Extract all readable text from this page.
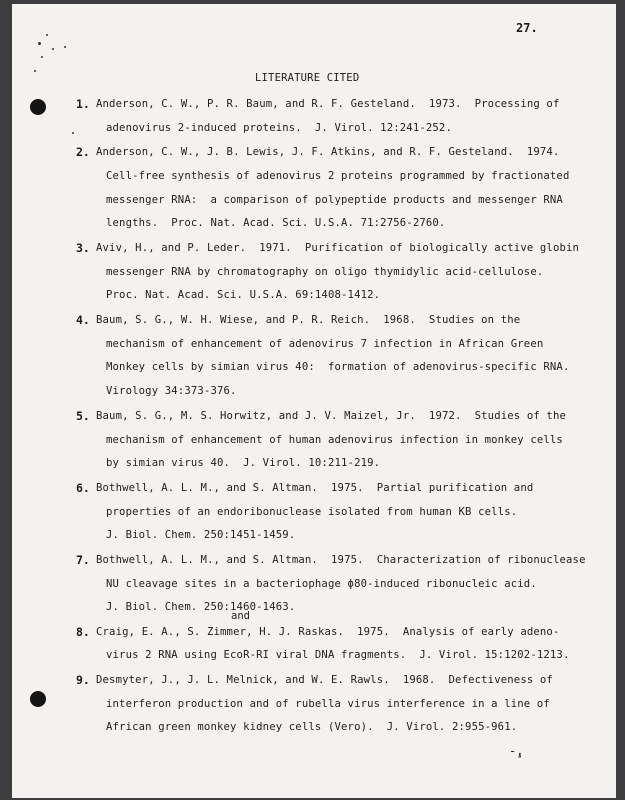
27.
LITERATURE CITED
1. Anderson, C. W., P. R. Baum, and R. F. Gesteland.  1973.  Processing of
adenovirus 2-induced proteins.  J. Virol. 12:241-252.
2. Anderson, C. W., J. B. Lewis, J. F. Atkins, and R. F. Gesteland.  1974.
Cell-free synthesis of adenovirus 2 proteins programmed by fractionated
messenger RNA:  a comparison of polypeptide products and messenger RNA
lengths.  Proc. Nat. Acad. Sci. U.S.A. 71:2756-2760.
3. Aviv, H., and P. Leder.  1971.  Purification of biologically active globin
messenger RNA by chromatography on oligo thymidylic acid-cellulose.
Proc. Nat. Acad. Sci. U.S.A. 69:1408-1412.
4. Baum, S. G., W. H. Wiese, and P. R. Reich.  1968.  Studies on the
mechanism of enhancement of adenovirus 7 infection in African Green
Monkey cells by simian virus 40:  formation of adenovirus-specific RNA.
Virology 34:373-376.
5. Baum, S. G., M. S. Horwitz, and J. V. Maizel, Jr.  1972.  Studies of the
mechanism of enhancement of human adenovirus infection in monkey cells
by simian virus 40.  J. Virol. 10:211-219.
6. Bothwell, A. L. M., and S. Altman.  1975.  Partial purification and
properties of an endoribonuclease isolated from human KB cells.
J. Biol. Chem. 250:1451-1459.
7. Bothwell, A. L. M., and S. Altman.  1975.  Characterization of ribonuclease
NU cleavage sites in a bacteriophage ϕ80-induced ribonucleic acid.
J. Biol. Chem. 250:1460-1463.
and
8. Craig, E. A., S. Zimmer, H. J. Raskas.  1975.  Analysis of early adeno-
virus 2 RNA using EcoR-RI viral DNA fragments.  J. Virol. 15:1202-1213.
9. Desmyter, J., J. L. Melnick, and W. E. Rawls.  1968.  Defectiveness of
interferon production and of rubella virus interference in a line of
African green monkey kidney cells (Vero).  J. Virol. 2:955-961.
-̧,
